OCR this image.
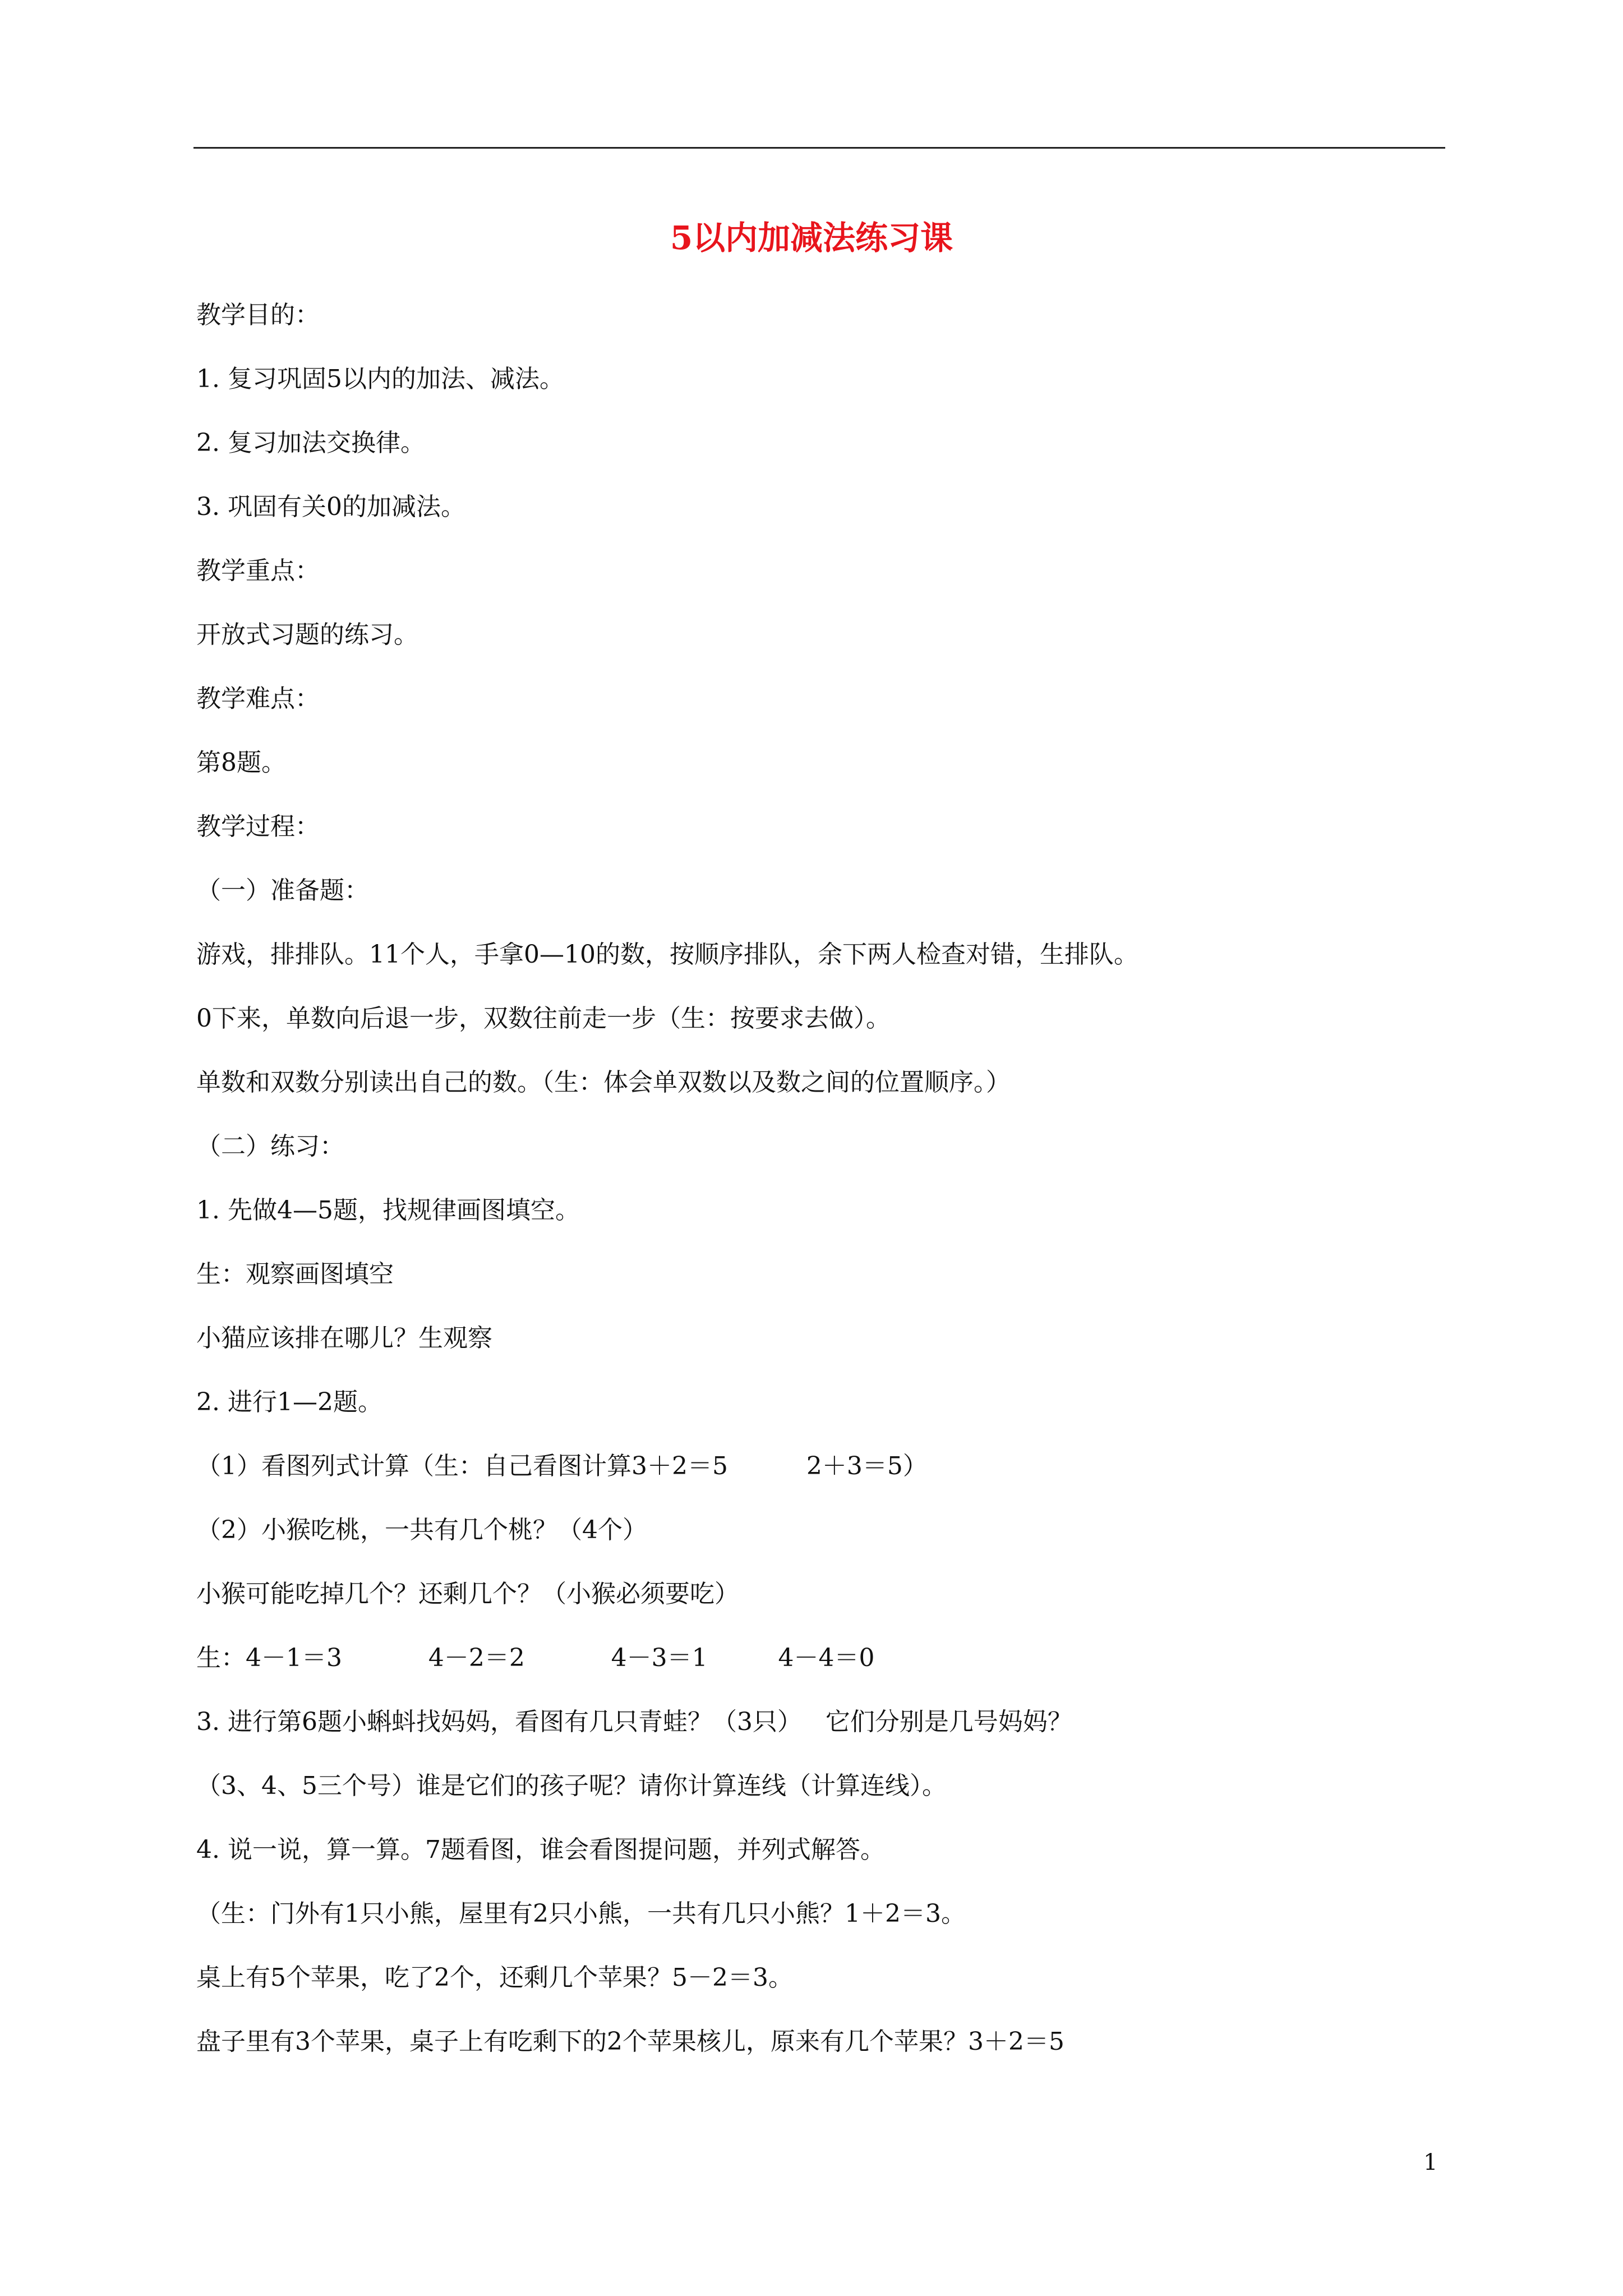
5以内加减法练习课
教学目的：
1. 复习巩固5以内的加法、减法。
2. 复习加法交换律。
3. 巩固有关0的加减法。
教学重点：
开放式习题的练习。
教学难点：
第8题。
教学过程：
（一）准备题：
游戏，排排队。11个人，手拿0—10的数，按顺序排队，余下两人检查对错，生排队。
0下来，单数向后退一步，双数往前走一步（生：按要求去做）。
单数和双数分别读出自己的数。（生：体会单双数以及数之间的位置顺序。）
（二）练习：
1. 先做4—5题，找规律画图填空。
生：观察画图填空
小猫应该排在哪儿？生观察
2. 进行1—2题。
（1）看图列式计算（生：自己看图计算3＋2＝5          2＋3＝5）
（2）小猴吃桃，一共有几个桃？（4个）
小猴可能吃掉几个？还剩几个？（小猴必须要吃）
生：4－1＝3           4－2＝2           4－3＝1         4－4＝0
3. 进行第6题小蝌蚪找妈妈，看图有几只青蛙？（3只）   它们分别是几号妈妈？
（3、4、5三个号）谁是它们的孩子呢？请你计算连线（计算连线）。
4. 说一说，算一算。7题看图，谁会看图提问题，并列式解答。
（生：门外有1只小熊，屋里有2只小熊，一共有几只小熊？1＋2＝3。
桌上有5个苹果，吃了2个，还剩几个苹果？5－2＝3。
盘子里有3个苹果，桌子上有吃剩下的2个苹果核儿，原来有几个苹果？3＋2＝5
1
